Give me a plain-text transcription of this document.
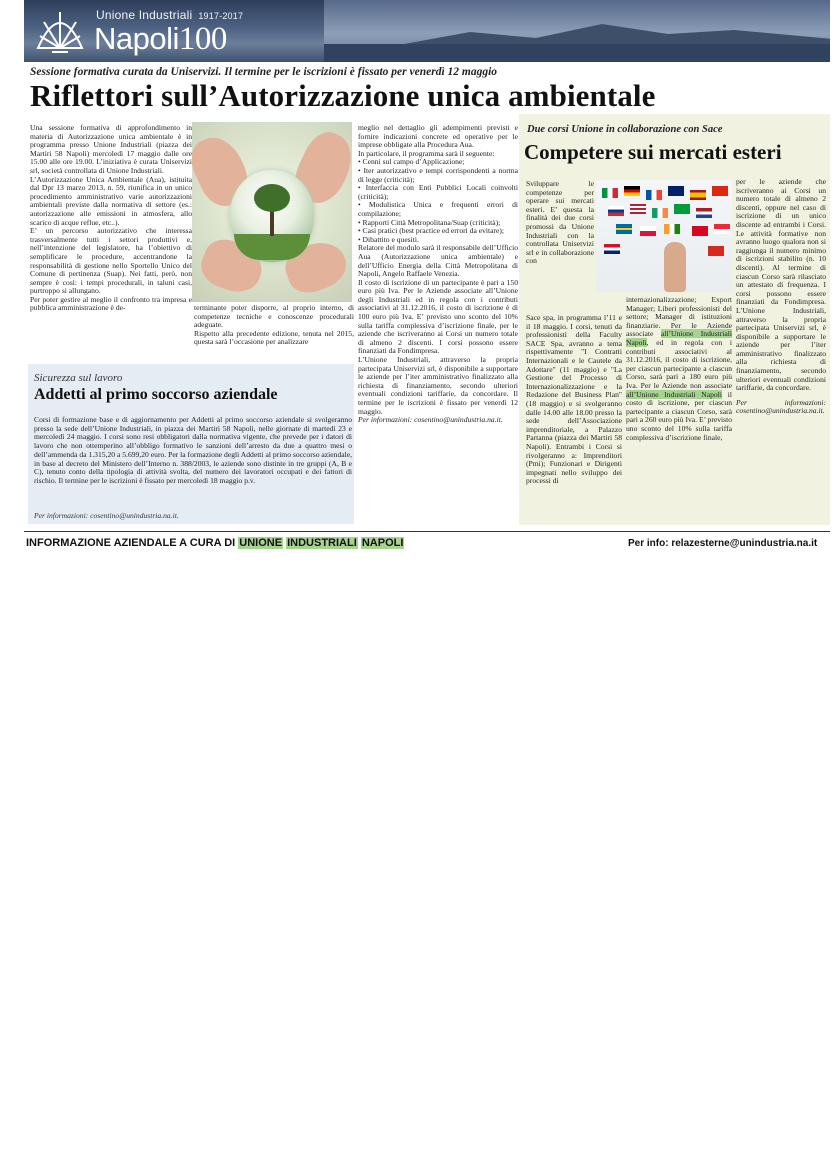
Unione Industriali 1917-2017
Napoli100
Sessione formativa curata da Uniservizi. Il termine per le iscrizioni è fissato per venerdì 12 maggio
Riflettori sull’Autorizzazione unica ambientale

Una sessione formativa di approfondimento in materia di Autorizzazione unica ambientale è in programma presso Unione Industriali (piazza dei Martiri 58 Napoli) mercoledì 17 maggio dalle ore 15.00 alle ore 19.00. L’iniziativa è curata Uniservizi srl, società controllata di Unione Industriali.

L’Autorizzazione Unica Ambientale (Aua), istituita dal Dpr 13 marzo 2013, n. 59, riunifica in un unico procedimento amministrativo varie autorizzazioni ambientali previste dalla normativa di settore (es.: autorizzazione alle emissioni in atmosfera, allo scarico di acque reflue, etc..).

E’ un percorso autorizzativo che interessa trasversalmente tutti i settori produttivi e, nell’intenzione del legislatore, ha l’obiettivo di semplificare le procedure, accentrandone la responsabilità di gestione nello Sportello Unico del Comune di pertinenza (Suap). Nei fatti, però, non sempre è così: i tempi procedurali, in taluni casi, purtroppo si allungano.

Per poter gestire al meglio il confronto tra impresa e pubblica amministrazione è de-	terminante poter disporre, al proprio interno, di competenze tecniche e conoscenze procedurali adeguate.

Rispetto alla precedente edizione, tenuta nel 2015, questa sarà l’occasione per analizzare

meglio nel dettaglio gli adempimenti previsti e fornire indicazioni concrete ed operative per le imprese obbligate alla Procedura Aua.

In particolare, il programma sarà il seguente:

• Cenni sul campo d’Applicazione;

• Iter autorizzativo e tempi corrispondenti a norma di legge (criticità);

• Interfaccia con Enti Pubblici Locali coinvolti (criticità);

• Modulistica Unica e frequenti errori di compilazione;

• Rapporti Città Metropolitana/Suap (criticità);

• Casi pratici (best practice ed errori da evitare);

• Dibattito e quesiti.

Relatore del modulo sarà il responsabile dell’Ufficio Aua (Autorizzazione unica ambientale) e dell’Ufficio Energia della Città Metropolitana di Napoli, Angelo Raffaele Venezia.

Il costo di iscrizione di un partecipante è pari a 150 euro più Iva. Per le Aziende associate all’Unione degli Industriali ed in regola con i contributi associativi al 31.12.2016, il costo di iscrizione è di 100 euro più Iva. E’ previsto uno sconto del 10% sulla tariffa complessiva d’iscrizione finale, per le aziende che iscriveranno ai Corsi un numero totale di almeno 2 discenti. I corsi possono essere finanziati da Fondimpresa.

L’Unione Industriali, attraverso la propria partecipata Uniservizi srl, è disponibile a supportare le aziende per l’iter amministrativo finalizzato alla richiesta di finanziamento, secondo ulteriori eventuali condizioni tariffarie, da concordare. Il termine per le iscrizioni è fissato per venerdì 12 maggio.

Per informazioni: cosentino@unindustria.na.it.

Sicurezza sul lavoro
Addetti al primo soccorso aziendale
Corsi di formazione base e di aggiornamento per Addetti al primo soccorso aziendale si svolgeranno presso la sede dell’Unione Industriali, in piazza dei Martiri 58 Napoli, nelle giornate di martedì 23 e mercoledì 24 maggio. I corsi sono resi obbligatori dalla normativa vigente, che prevede per i datori di lavoro che non ottemperino all’obbligo formativo le sanzioni dell’arresto da due a quattro mesi o dell’ammenda da 1.315,20 a 5.699,20 euro. Per la formazione degli Addetti al primo soccorso aziendale, in base al decreto del Ministero dell’Interno n. 388/2003, le aziende sono distinte in tre gruppi (A, B e C), tenuto conto della tipologia di attività svolta, del numero dei lavoratori occupati e dei fattori di rischio. Il termine per le iscrizioni è fissato per mercoledì 18 maggio p.v.
Per informazioni: cosentino@unindustria.na.it.
Due corsi Unione in collaborazione con Sace
Competere sui mercati esteri
Sviluppare le competenze per operare sui mercati esteri. E’ questa la finalità dei due corsi promossi da Unione Industriali con la controllata Uniservizi srl e in collaborazione con
Sace spa, in programma l’11 e il 18 maggio. I corsi, tenuti da professionisti della Faculty SACE Spa, avranno a tema rispettivamente "I Contratti Internazionali e le Cautele da Adottare" (11 maggio) e "La Gestione del Processo di Internazionalizzazione e la Redazione del Business Plan" (18 maggio) e si svolgeranno dalle 14.00 alle 18.00 presso la sede dell’Associazione imprenditoriale, a Palazzo Partanna (piazza dei Martiri 58 Napoli). Entrambi i Corsi si rivolgeranno a: Imprenditori (Pmi); Funzionari e Dirigenti impegnati nello sviluppo dei processi di
internazionalizzazione; Export Manager; Liberi professionisti del settore; Manager di istituzioni finanziarie. Per le Aziende associate all’Unione Industriali Napoli, ed in regola con i contributi associativi al 31.12.2016, il costo di iscrizione, per ciascun partecipante a ciascun Corso, sarà pari a 180 euro più Iva. Per le Aziende non associate all’Unione Industriali Napoli il costo di iscrizione, per ciascun partecipante a ciascun Corso, sarà pari a 260 euro più Iva. E’ previsto uno sconto del 10% sulla tariffa complessiva d’iscrizione finale,

per le aziende che iscriveranno ai Corsi un numero totale di almeno 2 discenti, oppure nel caso di iscrizione di un unico discente ad entrambi i Corsi. Le attività formative non avranno luogo qualora non si raggiunga il numero minimo di iscrizioni stabilito (n. 10 discenti). Al termine di ciascun Corso sarà rilasciato un attestato di frequenza. I corsi possono essere finanziati da Fondimpresa. L’Unione Industriali, attraverso la propria partecipata Uniservizi srl, è disponibile a supportare le aziende per l’iter amministrativo finalizzato alla richiesta di finanziamento, secondo ulteriori eventuali condizioni tariffarie, da concordare.

Per informazioni: cosentino@unindustria.na.it.

INFORMAZIONE AZIENDALE A CURA DI UNIONE INDUSTRIALI NAPOLI	Per info: relazesterne@unindustria.na.it
